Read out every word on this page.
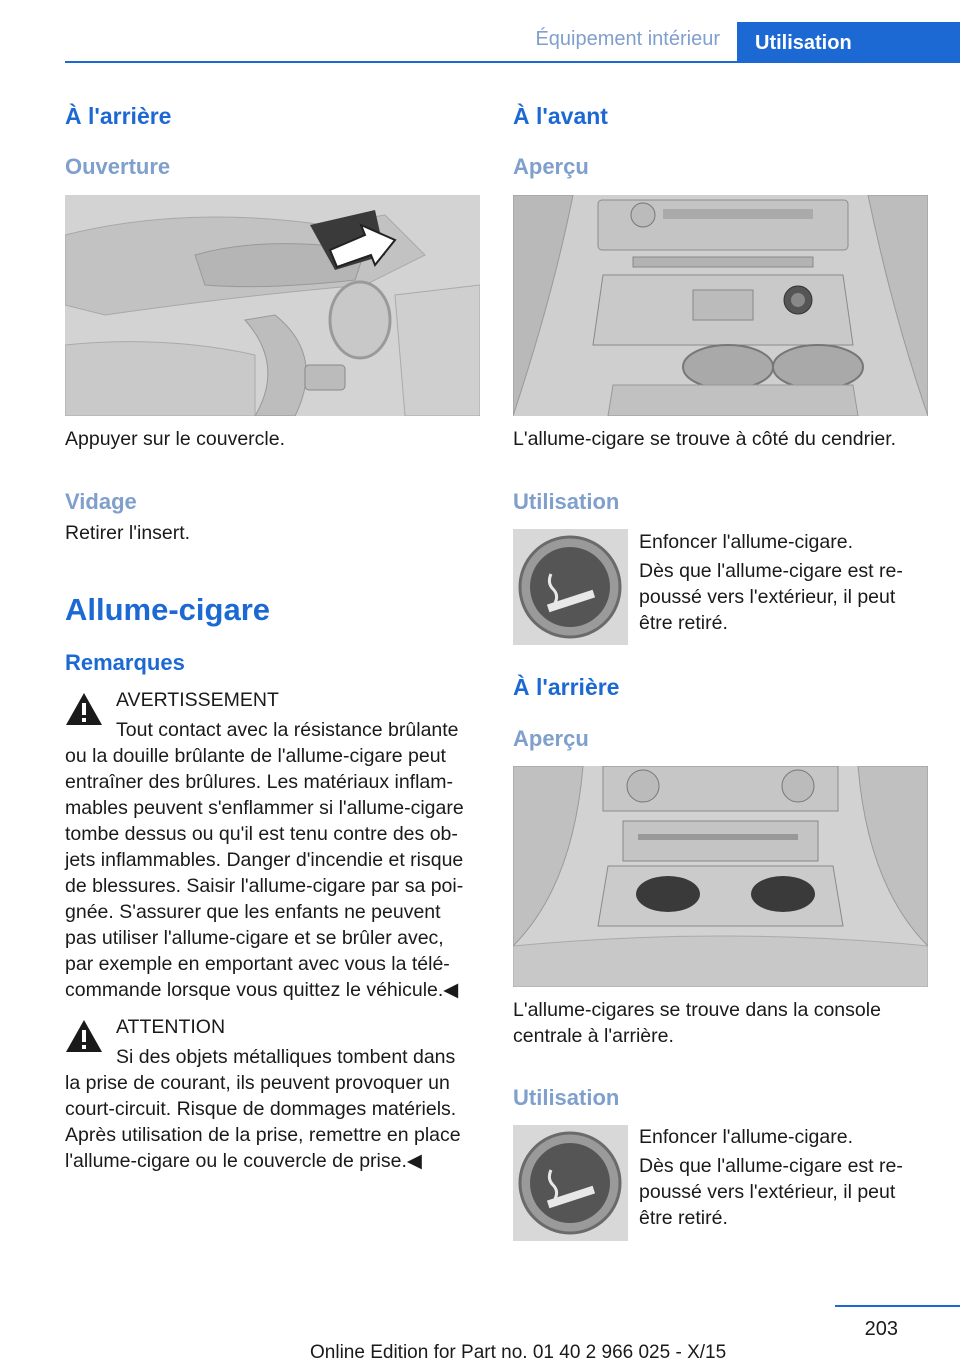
Équipement intérieur	Utilisation
À l'arrière
Ouverture
Appuyer sur le couvercle.
Vidage
Retirer l'insert.
Allume-cigare
Remarques
AVERTISSEMENT
Tout contact avec la résistance brûlante
ou la douille brûlante de l'allume-cigare peut
entraîner des brûlures. Les matériaux inflam-
mables peuvent s'enflammer si l'allume-cigare
tombe dessus ou qu'il est tenu contre des ob-
jets inflammables. Danger d'incendie et risque
de blessures. Saisir l'allume-cigare par sa poi-
gnée. S'assurer que les enfants ne peuvent
pas utiliser l'allume-cigare et se brûler avec,
par exemple en emportant avec vous la télé-
commande lorsque vous quittez le véhicule.◀
ATTENTION
Si des objets métalliques tombent dans
la prise de courant, ils peuvent provoquer un
court-circuit. Risque de dommages matériels.
Après utilisation de la prise, remettre en place
l'allume-cigare ou le couvercle de prise.◀
À l'avant
Aperçu
L'allume-cigare se trouve à côté du cendrier.
Utilisation
Enfoncer l'allume-cigare.
Dès que l'allume-cigare est re-
poussé vers l'extérieur, il peut
être retiré.
À l'arrière
Aperçu
L'allume-cigares se trouve dans la console
centrale à l'arrière.
Utilisation
Enfoncer l'allume-cigare.
Dès que l'allume-cigare est re-
poussé vers l'extérieur, il peut
être retiré.
203
Online Edition for Part no. 01 40 2 966 025 - X/15
